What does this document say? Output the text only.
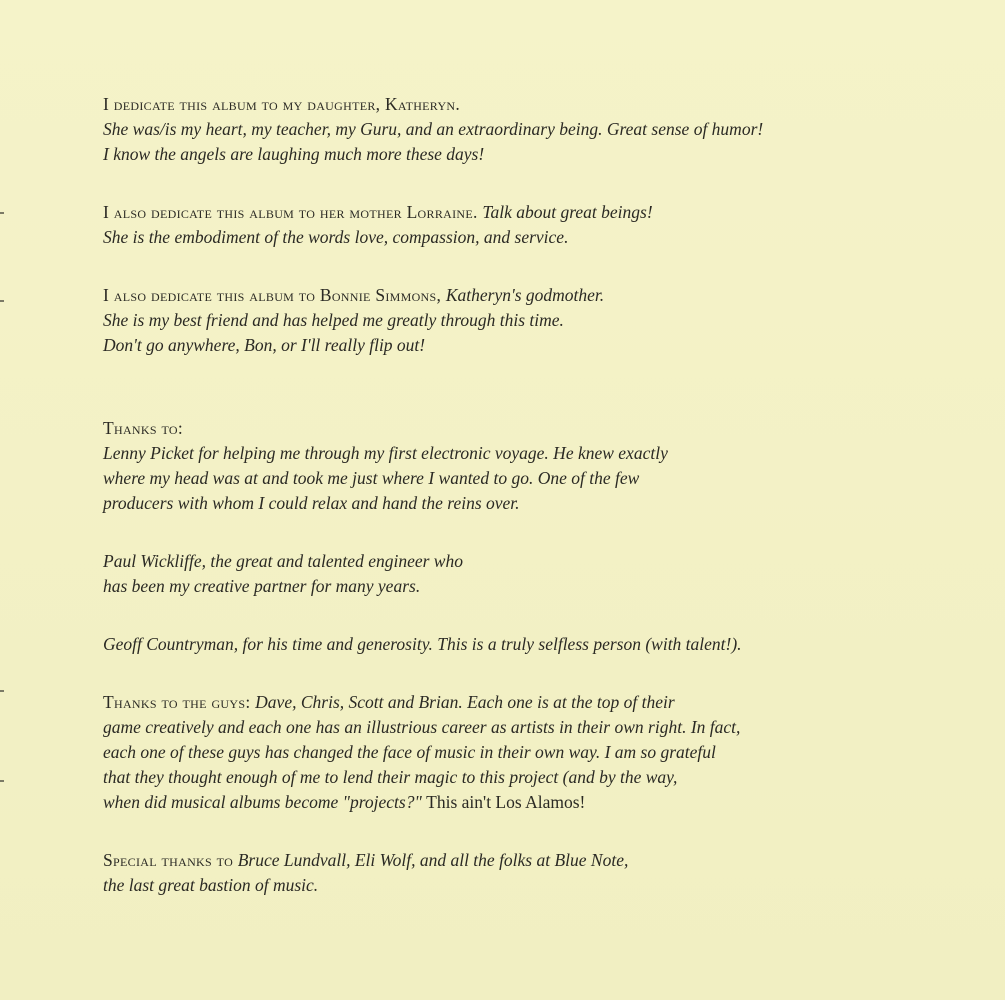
I dedicate this album to my daughter, Katheryn.
She was/is my heart, my teacher, my Guru, and an extraordinary being. Great sense of humor!
I know the angels are laughing much more these days!
I also dedicate this album to her mother Lorraine. Talk about great beings!
She is the embodiment of the words love, compassion, and service.
I also dedicate this album to Bonnie Simmons, Katheryn's godmother.
She is my best friend and has helped me greatly through this time.
Don't go anywhere, Bon, or I'll really flip out!
Thanks to:
Lenny Picket for helping me through my first electronic voyage. He knew exactly
where my head was at and took me just where I wanted to go. One of the few
producers with whom I could relax and hand the reins over.
Paul Wickliffe, the great and talented engineer who
has been my creative partner for many years.
Geoff Countryman, for his time and generosity. This is a truly selfless person (with talent!).
Thanks to the guys: Dave, Chris, Scott and Brian. Each one is at the top of their
game creatively and each one has an illustrious career as artists in their own right. In fact,
each one of these guys has changed the face of music in their own way. I am so grateful
that they thought enough of me to lend their magic to this project (and by the way,
when did musical albums become "projects?" This ain't Los Alamos!
Special thanks to Bruce Lundvall, Eli Wolf, and all the folks at Blue Note,
the last great bastion of music.
